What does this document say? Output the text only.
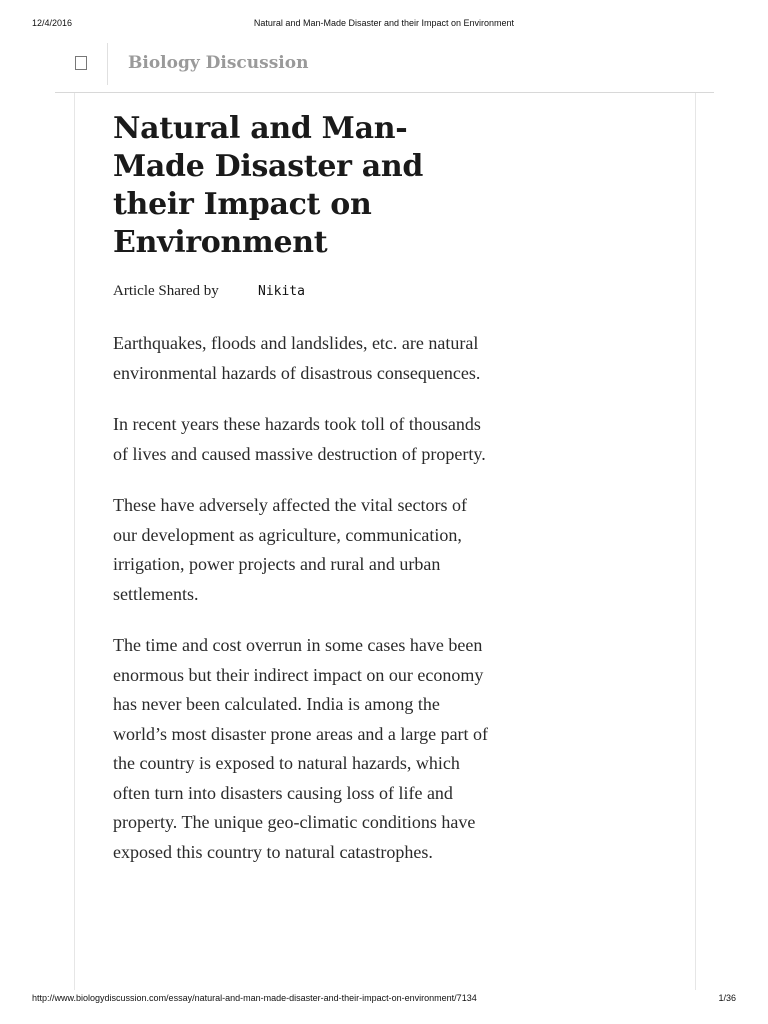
12/4/2016	Natural and Man-Made Disaster and their Impact on Environment
Biology Discussion
Natural and Man-Made Disaster and their Impact on Environment
Article Shared by	Nikita

Earthquakes, floods and landslides, etc. are natural environmental hazards of disastrous consequences.

In recent years these hazards took toll of thousands of lives and caused massive destruction of property.

These have adversely affected the vital sectors of our development as agriculture, communication, irrigation, power projects and rural and urban settlements.

The time and cost overrun in some cases have been enormous but their indirect impact on our economy has never been calculated. India is among the world’s most disaster prone areas and a large part of the country is exposed to natural hazards, which often turn into disasters causing loss of life and property. The unique geo-climatic conditions have exposed this country to natural catastrophes.

http://www.biologydiscussion.com/essay/natural-and-man-made-disaster-and-their-impact-on-environment/7134	1/36
